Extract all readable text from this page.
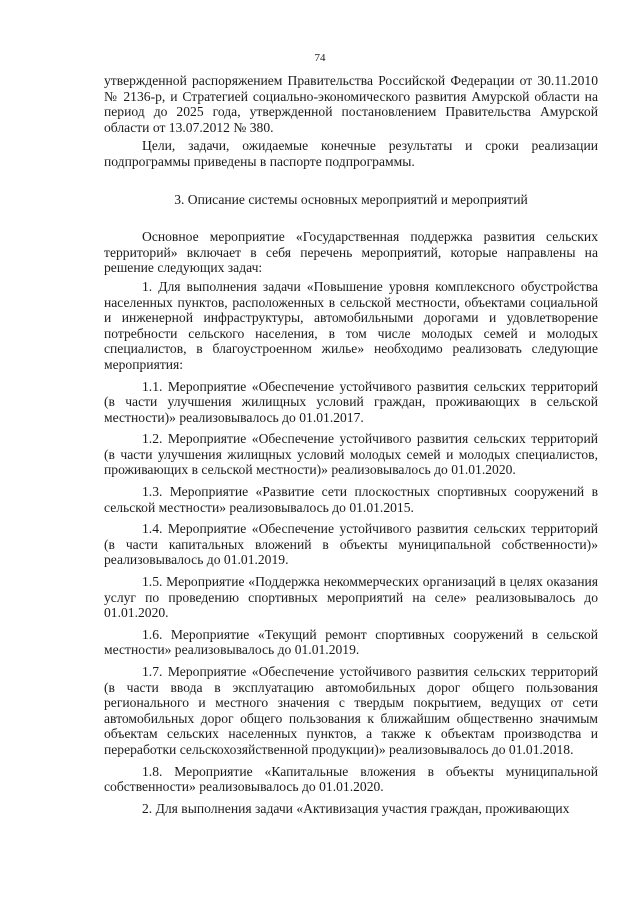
74

утвержденной распоряжением Правительства Российской Федерации от 30.11.2010 № 2136-р, и Стратегией социально-экономического развития Амурской области на период до 2025 года, утвержденной постановлением Правительства Амурской области от 13.07.2012 № 380.

Цели, задачи, ожидаемые конечные результаты и сроки реализации подпрограммы приведены в паспорте подпрограммы.

3. Описание системы основных мероприятий и мероприятий

Основное мероприятие «Государственная поддержка развития сельских территорий» включает в себя перечень мероприятий, которые направлены на решение следующих задач:

1. Для выполнения задачи «Повышение уровня комплексного обустройства населенных пунктов, расположенных в сельской местности, объектами социальной и инженерной инфраструктуры, автомобильными дорогами и удовлетворение потребности сельского населения, в том числе молодых семей и молодых специалистов, в благоустроенном жилье» необходимо реализовать следующие мероприятия:

1.1. Мероприятие «Обеспечение устойчивого развития сельских территорий (в части улучшения жилищных условий граждан, проживающих в сельской местности)» реализовывалось до 01.01.2017.

1.2. Мероприятие «Обеспечение устойчивого развития сельских территорий (в части улучшения жилищных условий молодых семей и молодых специалистов, проживающих в сельской местности)» реализовывалось до 01.01.2020.

1.3. Мероприятие «Развитие сети плоскостных спортивных сооружений в сельской местности» реализовывалось до 01.01.2015.

1.4. Мероприятие «Обеспечение устойчивого развития сельских территорий (в части капитальных вложений в объекты муниципальной собственности)» реализовывалось до 01.01.2019.

1.5. Мероприятие «Поддержка некоммерческих организаций в целях оказания услуг по проведению спортивных мероприятий на селе» реализовывалось до 01.01.2020.

1.6. Мероприятие «Текущий ремонт спортивных сооружений в сельской местности» реализовывалось до 01.01.2019.

1.7. Мероприятие «Обеспечение устойчивого развития сельских территорий (в части ввода в эксплуатацию автомобильных дорог общего пользования регионального и местного значения с твердым покрытием, ведущих от сети автомобильных дорог общего пользования к ближайшим общественно значимым объектам сельских населенных пунктов, а также к объектам производства и переработки сельскохозяйственной продукции)» реализовывалось до 01.01.2018.

1.8. Мероприятие «Капитальные вложения в объекты муниципальной собственности» реализовывалось до 01.01.2020.

2. Для выполнения задачи «Активизация участия граждан, проживающих
